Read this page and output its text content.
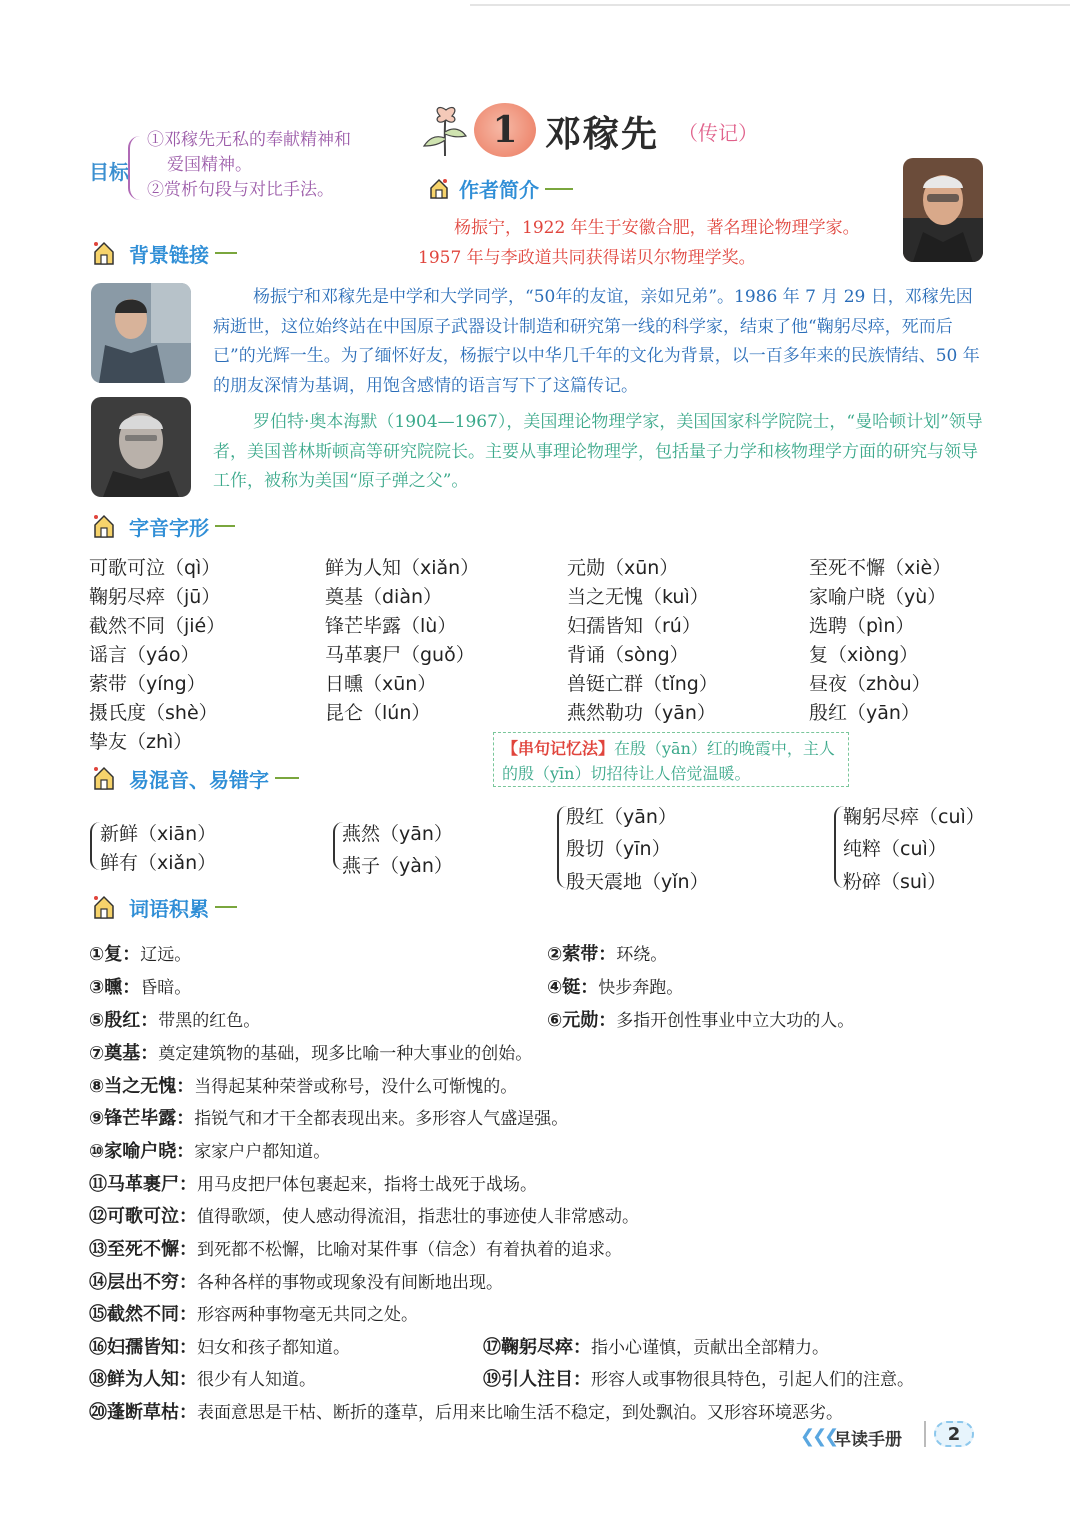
1 邓稼先 （传记）
目标
①邓稼先无私的奉献精神和
爱国精神。
②赏析句段与对比手法。	作者简介
杨振宁，1922 年生于安徽合肥，著名理论物理学家。
1957 年与李政道共同获得诺贝尔物理学奖。
背景链接
杨振宁和邓稼先是中学和大学同学，“50年的友谊，亲如兄弟”。1986 年 7 月 29 日，邓稼先因病逝世，这位始终站在中国原子武器设计制造和研究第一线的科学家，结束了他“鞠躬尽瘁，死而后已”的光辉一生。为了缅怀好友，杨振宁以中华几千年的文化为背景，以一百多年来的民族情结、50 年的朋友深情为基调，用饱含感情的语言写下了这篇传记。
罗伯特·奥本海默（1904—1967），美国理论物理学家，美国国家科学院院士，“曼哈顿计划”领导者，美国普林斯顿高等研究院院长。主要从事理论物理学，包括量子力学和核物理学方面的研究与领导工作，被称为美国“原子弹之父”。
字音字形
可歌可泣（qì）	鲜为人知（xiǎn）	元勋（xūn）	至死不懈（xiè）
鞠躬尽瘁（jū）	奠基（diàn）	当之无愧（kuì）	家喻户晓（yù）
截然不同（jié）	锋芒毕露（lù）	妇孺皆知（rú）	选聘（pìn）
谣言（yáo）	马革裹尸（guǒ）	背诵（sòng）	复（xiòng）
萦带（yíng）	日曛（xūn）	兽铤亡群（tǐng）	昼夜（zhòu）
摄氏度（shè）	昆仑（lún）	燕然勒功（yān）	殷红（yān）
挚友（zhì）	【串句记忆法】在殷（yān）红的晚霞中，主人的殷（yīn）切招待让人倍觉温暖。
易混音、易错字
新鲜（xiān）
鲜有（xiǎn）
燕然（yān）
燕子（yàn）
殷红（yān）
殷切（yīn）
殷天震地（yǐn）
鞠躬尽瘁（cuì）
纯粹（cuì）
粉碎（suì）
词语积累
①复：辽远。	②萦带：环绕。
③曛：昏暗。	④铤：快步奔跑。
⑤殷红：带黑的红色。	⑥元勋：多指开创性事业中立大功的人。
⑦奠基：奠定建筑物的基础，现多比喻一种大事业的创始。
⑧当之无愧：当得起某种荣誉或称号，没什么可惭愧的。
⑨锋芒毕露：指锐气和才干全都表现出来。多形容人气盛逞强。
⑩家喻户晓：家家户户都知道。
⑪马革裹尸：用马皮把尸体包裹起来，指将士战死于战场。
⑫可歌可泣：值得歌颂，使人感动得流泪，指悲壮的事迹使人非常感动。
⑬至死不懈：到死都不松懈，比喻对某件事（信念）有着执着的追求。
⑭层出不穷：各种各样的事物或现象没有间断地出现。
⑮截然不同：形容两种事物毫无共同之处。
⑯妇孺皆知：妇女和孩子都知道。	⑰鞠躬尽瘁：指小心谨慎，贡献出全部精力。
⑱鲜为人知：很少有人知道。	⑲引人注目：形容人或事物很具特色，引起人们的注意。
⑳蓬断草枯：表面意思是干枯、断折的蓬草，后用来比喻生活不稳定，到处飘泊。又形容环境恶劣。
❮❮❮
早读手册	2
